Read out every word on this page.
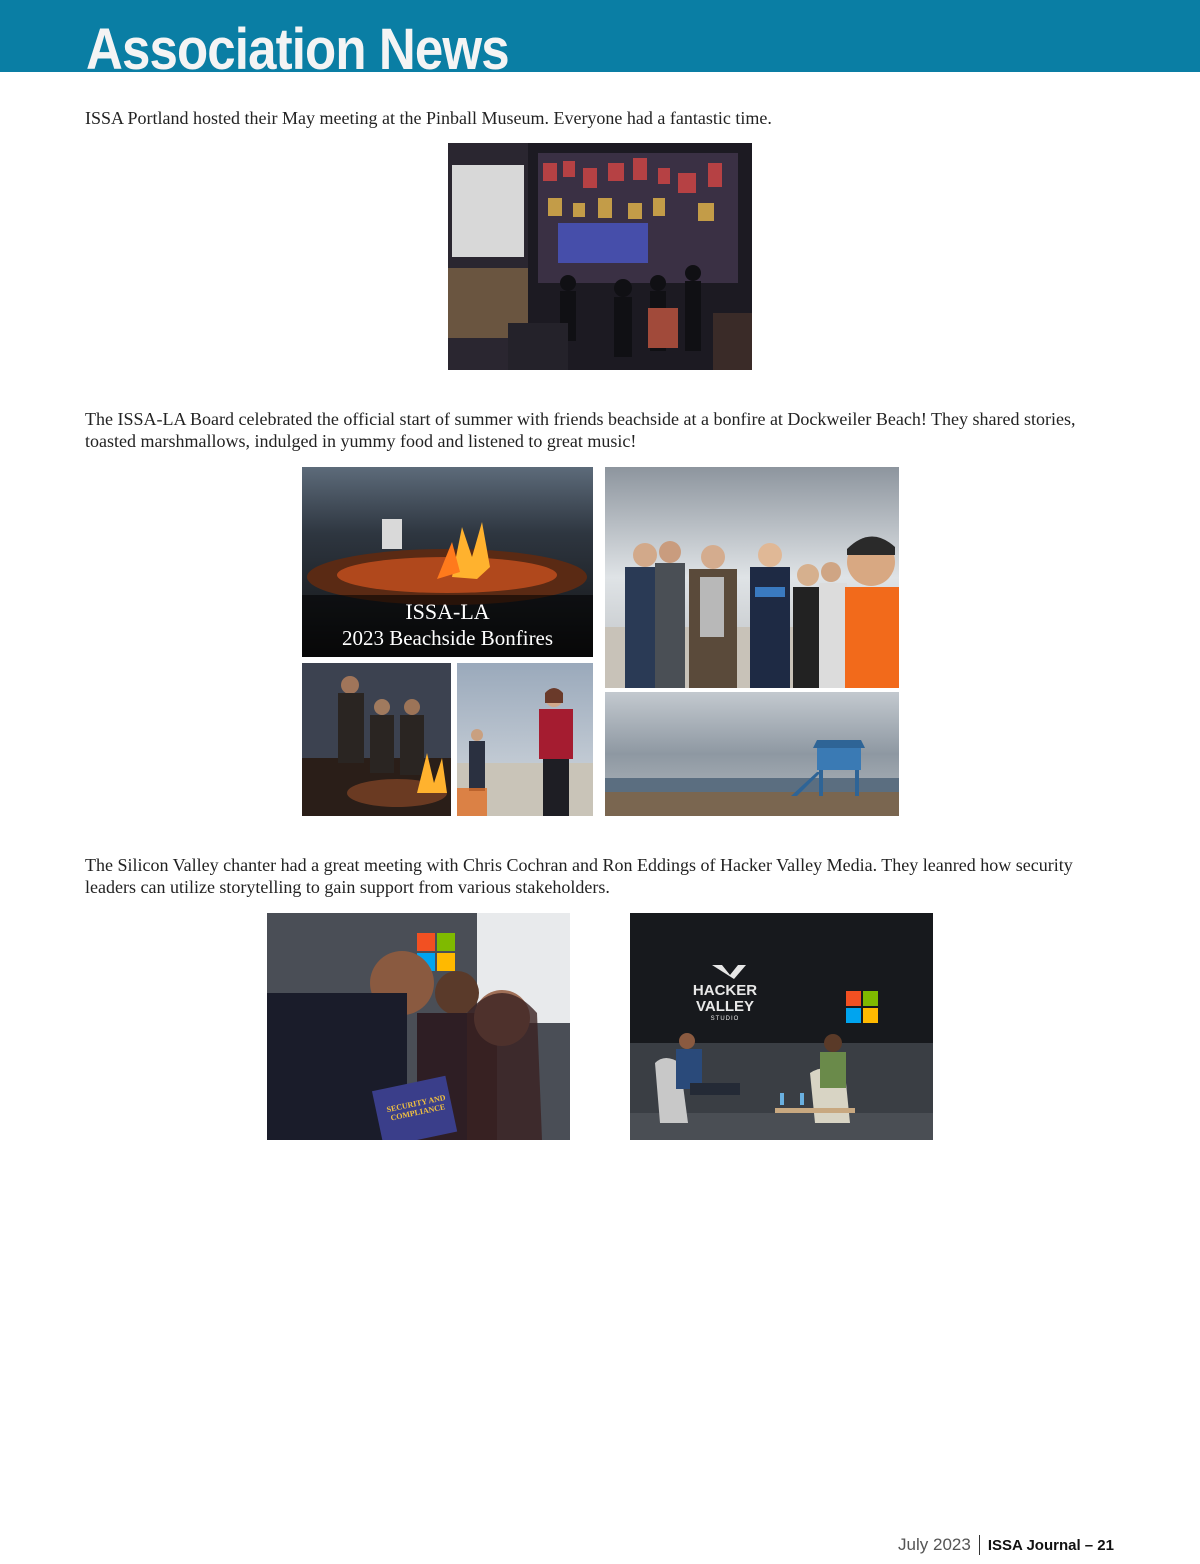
Association News
ISSA Portland hosted their May meeting at the Pinball Museum. Everyone had a fantastic time.
The ISSA-LA Board celebrated the official start of summer with friends beachside at a bonfire at Dockweiler Beach! They shared stories, toasted marshmallows, indulged in yummy food and listened to great music!
ISSA-LA
2023 Beachside Bonfires
The Silicon Valley chanter had a great meeting with Chris Cochran and Ron Eddings of Hacker Valley Media. They leanred how security leaders can utilize storytelling to gain support from various stakeholders.
SECURITY AND COMPLIANCE
HACKER
VALLEY
STUDIO
July 2023 ISSA Journal – 21
